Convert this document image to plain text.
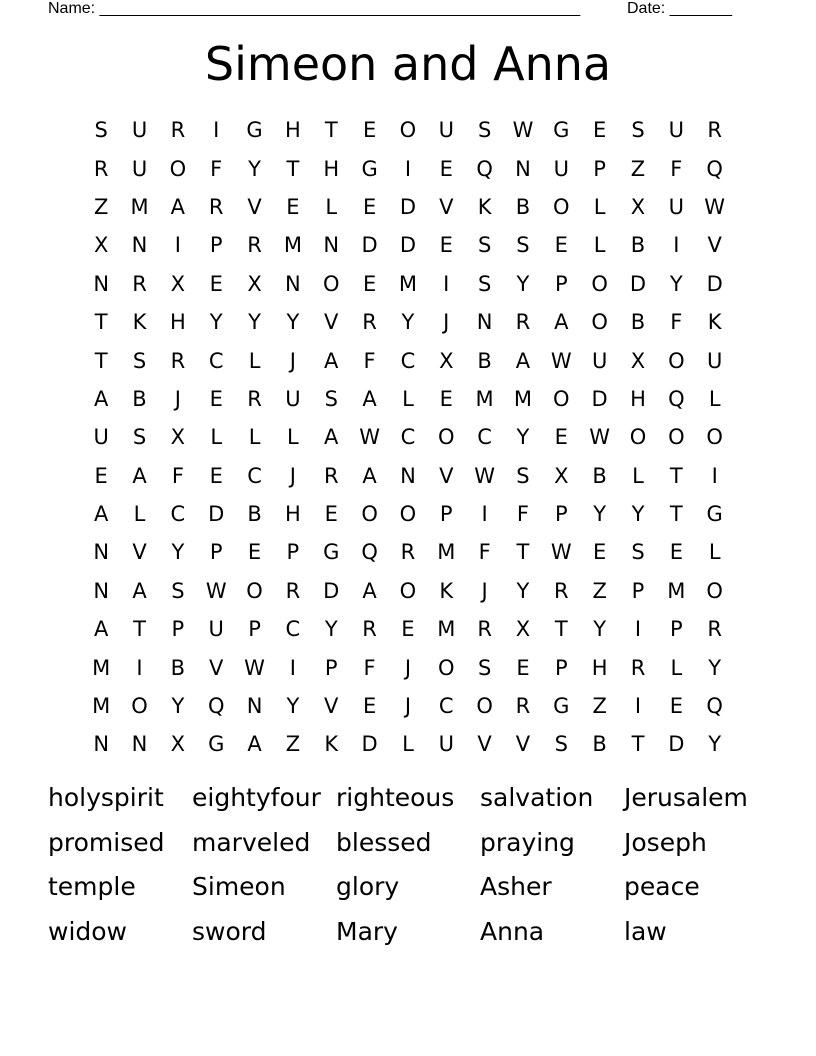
Name: ______________________________________________________	Date: _______
Simeon and Anna
S	U	R	I	G	H	T	E	O	U	S	W G	E	S	U	R
R	U	O	F	Y	T	H	G	I	E	Q	N	U	P	Z	F	Q
Z	M	A	R	V	E	L	E	D	V	K	B	O	L	X	U W
X	N	I	P	R	M	N	D	D	E	S	S	E	L	B	I	V
N	R	X	E	X	N	O	E	M	I	S	Y	P	O	D	Y	D
T	K	H	Y	Y	Y	V	R	Y	J	N	R	A	O	B	F	K
T	S	R	C	L	J	A	F	C	X	B	A W U	X	O	U
A	B	J	E	R	U	S	A	L	E	M M	O	D	H	Q	L
U	S	X	L	L	L	A W C	O	C	Y	E	W O	O	O
E	A	F	E	C	J	R	A	N	V W	S	X	B	L	T	I
A	L	C	D	B	H	E	O	O	P	I	F	P	Y	Y	T	G
N	V	Y	P	E	P	G	Q	R	M	F	T	W	E	S	E	L
N	A	S	W O	R	D	A	O	K	J	Y	R	Z	P	M	O
A	T	P	U	P	C	Y	R	E	M	R	X	T	Y	I	P	R
M	I	B	V W	I	P	F	J	O	S	E	P	H	R	L	Y
M	O	Y	Q	N	Y	V	E	J	C	O	R	G	Z	I	E	Q
N	N	X	G	A	Z	K	D	L	U	V	V	S	B	T	D	Y
holyspirit	eightyfour righteous	salvation	Jerusalem
promised	marveled	blessed	praying	Joseph
temple	Simeon	glory	Asher	peace
widow	sword	Mary	Anna	law
